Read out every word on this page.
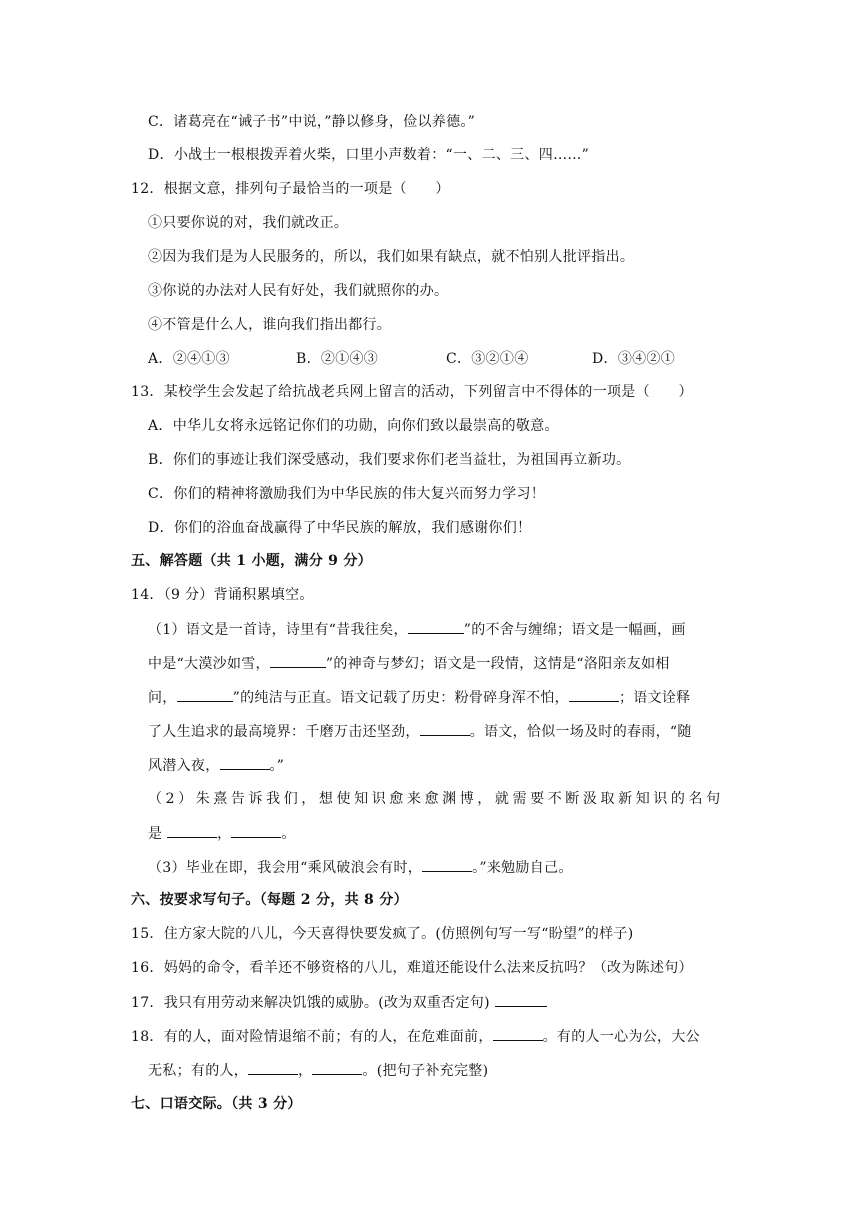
C．诸葛亮在“诫子书”中说，”静以修身，俭以养德。”
D．小战士一根根拨弄着火柴，口里小声数着：“一、二、三、四……”
12．根据文意，排列句子最恰当的一项是（　　）
①只要你说的对，我们就改正。
②因为我们是为人民服务的，所以，我们如果有缺点，就不怕别人批评指出。
③你说的办法对人民有好处，我们就照你的办。
④不管是什么人，谁向我们指出都行。
A．②④①③	B．②①④③	C．③②①④	D．③④②①
13．某校学生会发起了给抗战老兵网上留言的活动，下列留言中不得体的一项是（　　）
A．中华儿女将永远铭记你们的功勋，向你们致以最崇高的敬意。
B．你们的事迹让我们深受感动，我们要求你们老当益壮，为祖国再立新功。
C．你们的精神将激励我们为中华民族的伟大复兴而努力学习！
D．你们的浴血奋战赢得了中华民族的解放，我们感谢你们！
五、解答题（共 1 小题，满分 9 分）
14．（9 分）背诵积累填空。
（1）语文是一首诗，诗里有“昔我往矣，	”的不舍与缠绵；语文是一幅画，画
中是“大漠沙如雪，	”的神奇与梦幻；语文是一段情，这情是“洛阳亲友如相
问，	”的纯洁与正直。语文记载了历史：粉骨碎身浑不怕，	；语文诠释
了人生追求的最高境界：千磨万击还坚劲，	。语文，恰似一场及时的春雨，“随
风潜入夜，	。”
（2）朱熹告诉我们，想使知识愈来愈渊博，就需要不断汲取新知识的名句
是	，	。
（3）毕业在即，我会用“乘风破浪会有时，	。”来勉励自己。
六、按要求写句子。（每题 2 分，共 8 分）
15．住方家大院的八儿，今天喜得快要发疯了。(仿照例句写一写“盼望”的样子)
16．妈妈的命令，看羊还不够资格的八儿，难道还能设什么法来反抗吗？（改为陈述句）
17．我只有用劳动来解决饥饿的威胁。(改为双重否定句)
18．有的人，面对险情退缩不前；有的人，在危难面前，	。有的人一心为公，大公
无私；有的人，	，	。(把句子补充完整)
七、口语交际。（共 3 分）
